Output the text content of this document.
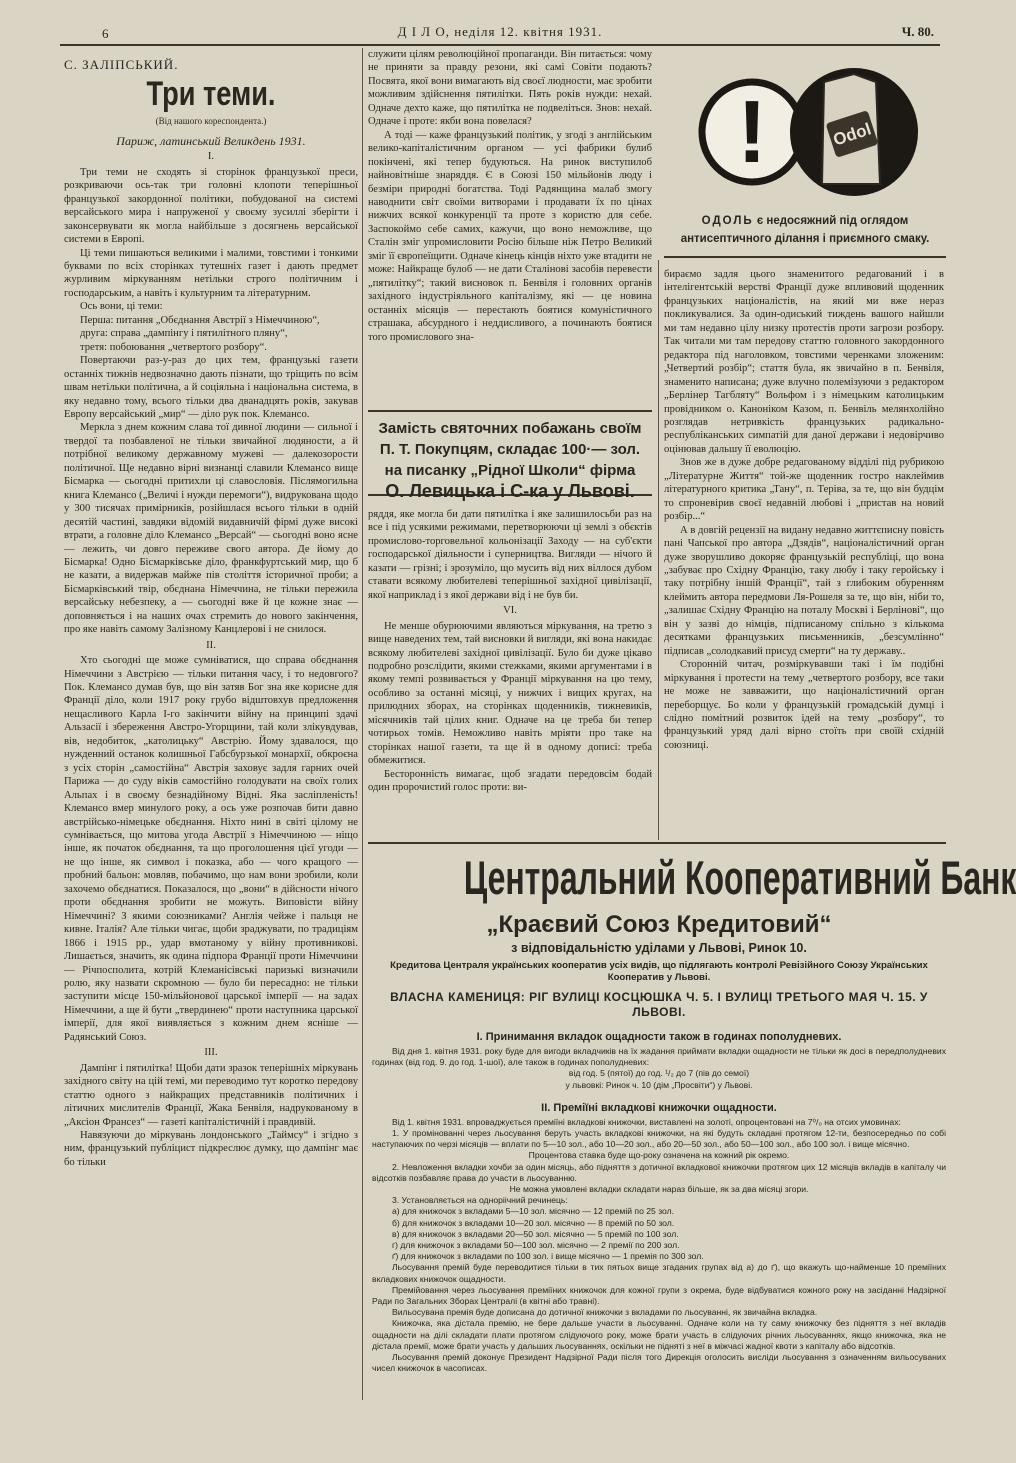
6	Д І Л О, неділя 12. квітня 1931.	Ч. 80.
С. ЗАЛІПСЬКИЙ.
Три теми.
(Від нашого кореспондента.)
Париж, латинський Великдень 1931.

I.

Три теми не сходять зі сторінок французької преси, розкриваючи ось-так три головні клопоти теперішньої французької закордонної політики, побудованої на системі версайського мира і напруженої у своєму зусиллі зберігти і законсервувати як могла найбільше з досягнень версайської системи в Европі.

Ці теми пишаються великими і малими, товстими і тонкими буквами по всіх сторінках тутешніх газет і дають предмет журливим міркуванням нетільки строго політичним і господарським, а навіть і культурним та літературним.

Ось вони, ці теми:

Перша: питання „Обєднання Австрії з Німеччиною“,

друга: справа „дампінгу і пятилітного пляну“,

третя: побоювання „четвертого розбору“.

Повертаючи раз-у-раз до цих тем, французькі газети останніх тижнів недвозначно дають пізнати, що тріщить по всім швам нетільки політична, а й соціяльна і національна система, в яку недавно тому, всього тільки два дванадцять років, закував Европу версайський „мир“ — діло рук пок. Клемансо.

Меркла з днем кожним слава тої дивної людини — сильної і твердої та позбавленої не тільки звичайної людяности, а й потрібної великому державному мужеві — далекозорости політичної. Ще недавно вірні визнанці славили Клемансо вище Бісмарка — сьогодні притихли ці славословія. Післямогильна книга Клемансо („Величі і нужди перемоги“), видрукована щодо у 300 тисячах примірників, розійшлася всього тільки в одній десятій частині, завдяки відомій видавничій фірмі дуже високі втрати, а головне діло Клемансо „Версай“ — сьогодні воно ясне — лежить, чи довго переживе свого автора. Де йому до Бісмарка! Одно Бісмарківське діло, франкфуртський мир, що б не казати, а видержав майже пів століття історичної проби; а Бісмарківський твір, обєднана Німеччина, не тільки пережила версайську небезпеку, а — сьогодні вже й це кожне знає — доповняється і на наших очах стремить до нового закінчення, про яке навіть самому Залізному Канцлерові і не снилося.

II.

Хто сьогодні ще може сумніватися, що справа обєднання Німеччини з Австрією — тільки питання часу, і то недовгого? Пок. Клемансо думав був, що він затяв Бог зна яке корисне для Франції діло, коли 1917 року грубо відштовхув предложення нещасливого Карла I-го закінчити війну на принципі здачі Альзасії і збереження Австро-Угорщини, тай коли злікувдував, вів, недобиток, „католицьку“ Австрію. Йому здавалося, що нужденний останок колишньої Габсбурзької монархії, обкроєна з усіх сторін „самостійна“ Австрія заховує задля гарних очей Парижа — до суду віків самостійно голодувати на своїх голих Альпах і в своєму безнадійному Відні. Яка засліпленість! Клемансо вмер минулого року, а ось уже розпочав бити давно австрійсько-німецьке обєднання. Ніхто нині в світі цілому не сумнівається, що митова угода Австрії з Німеччиною — ніщо інше, як початок обєднання, та що проголошення цієї угоди — не що інше, як символ і показка, або — чого кращого — пробний бальон: мовляв, побачимо, що нам вони зробили, коли захочемо обєднатися. Показалося, що „вони“ в дійсности нічого проти обєднання зробити не можуть. Виповісти війну Німеччині? З якими союзниками? Англія чейже і пальця не кивне. Італія? Але тільки чигає, щоби зраджувати, по традиціям 1866 і 1915 рр., удар вмотаному у війну противникові. Лишається, значить, як одина підпора Франції проти Німеччини — Річпосполита, котрій Клеманісівські паризькі визначили ролю, яку назвати скромною — було би пересадно: не тільки заступити місце 150-мільйонової царської імперії — на задах Німеччини, а ще й бути „твердинею“ проти наступника царської імперії, для якої виявляється з кожним днем ясніше — Радянський Союз.

III.

Дампінг і пятилітка! Щоби дати зразок теперішніх міркувань західного світу на цій темі, ми переводимо тут коротко передову статтю одного з найкращих представників політичних і літичних мислителів Франції, Жака Бенвіля, надрукованому в „Аксіон Франсез“ — газеті капіталістичній і правдивій.

Навязуючи до міркувань лондонського „Таймсу“ і згідно з ним, французький публіцист підкреслює думку, що дампінг має бо тільки

служити цілям революційної пропаганди. Він питається: чому не приняти за правду резони, які самі Совіти подають? Посвята, якої вони вимагають від своєї людности, має зробити можливим здійснення пятилітки. Пять років нужди: нехай. Одначе дехто каже, що пятилітка не подвеліться. Знов: нехай. Одначе і проте: якби вона повелася?

А тоді — каже французький політик, у згоді з англійським велико-капіталістичним органом — усі фабрики булиб покінчені, які тепер будуються. На ринок виступилоб найновітніше знаряддя. Є в Союзі 150 мільйонів люду і безміри природні богатства. Тоді Радянщина малаб змогу наводнити світ своїми витворами і продавати їх по цінах нижчих всякої конкуренції та проте з користю для себе. Заспокоймо себе самих, кажучи, що воно неможливе, що Сталін зміг упромисловити Росію більше ніж Петро Великий зміг її європеїщити. Одначе кінець кінців ніхто уже втадити не може: Найкраще булоб — не дати Сталінові засобів перевести „пятилітку“; такий висновок п. Бенвіля і головних органів західного індустріяльного капіталізму, які — це новина останніх місяців — перестають боятися комуністичного страшака, абсурдного і неддисливого, а починають боятися того промислового зна-

Замість святочних побажань своїм
П. Т. Покупцям, складає 100·— зол.
на писанку „Рідної Школи“ фірма
О. Левицька і С-ка у Львові.

ряддя, яке могла би дати пятилітка і яке залишилосьби раз на все і під усякими режимами, перетворюючи ці землі з обєктів промислово-торговельної кольонізації Заходу — на суб'єкти господарської діяльности і суперництва. Вигляди — нічого й казати — грізні; і зрозуміло, що мусить від них віллося дубом ставати всякому любителеві теперішньої західної цивілізації, якої наприклад і з якої держави від і не був би.

VI.

Не менше обурюючими являються міркування, на третю з вище наведених тем, тай висновки й вигляди, які вона накидає всякому любителеві західної цивілізації. Було би дуже цікаво подробно розслідити, якими стежками, якими аргументами і в якому темпі розвивається у Франції міркування на цю тему, особливо за останні місяці, у нижчих і вищих кругах, на прилюдних зборах, на сторінках щоденників, тижневиків, місячників тай цілих книг. Одначе на це треба би тепер чотирьох томів. Неможливо навіть мріяти про таке на сторінках нашої газети, та ще й в одному дописі: треба обмежитися.

Бесторонність вимагає, щоб згадати передовсім бодай один пророчистий голос проти: ви-

!	Odol
ОДОЛЬ є недосяжний під оглядом
антисептичного ділання і приємного смаку.

бираємо задля цього знаменитого редагований і в інтелігентській верстві Франції дуже впливовий щоденник французьких націоналістів, на який ми вже нераз покликувалися. За один-одиський тиждень вашого найшли ми там недавно цілу низку протестів проти загрози розбору. Так читали ми там передову статтю головного закордонного редактора під наголовком, товстими черенками зложеним: „Четвертий розбір“; стаття була, як звичайно в п. Бенвіля, знаменито написана; дуже влучно полемізуючи з редактором „Берлінер Тагбляту“ Вольфом і з німецьким католицьким провідником о. Каноніком Казом, п. Бенвіль мелянхолійно розглядав нетривкість французьких радикально-республіканських симпатій для даної держави і недовірчиво оцінював дальшу її еволюцію.

Знов же в дуже добре редагованому відділі під рубрикою „Літературне Життя“ той-же щоденник гостро наклеймив літературного критика „Тану“, п. Теріва, за те, що він будцім то спроневірив своєї недавній любові і „пристав на новий розбір...“

А в довгій рецензії на видану недавно життєписну повість пані Чапської про автора „Дзядів“, націоналістичний орган дуже зворушливо докоряє французькій республіці, що вона „забуває про Східну Францію, таку любу і таку геройську і таку потрібну іншій Франції“, тай з глибоким обуренням клеймить автора передмови Ля-Рошеля за те, що він, ніби то, „залишає Східну Францію на поталу Москві і Берлінові“, що він у зазві до німців, підписаному спільно з кількома десятками французьких письменників, „безсумлінно“ підписав „солодкавий присуд смерти“ на ту державу..

Сторонній читач, розміркувавши такі і їм подібні міркування і протести на тему „четвертого розбору, все таки не може не завважити, що націоналістичний орган переборщує. Бо коли у французькій громадській думці і слідно помітний розвиток ідей на тему „розбору“, то французький уряд далі вірно стоїть при своїй східній союзниці.

Центральний Кооперативний Банк
„Краєвий Союз Кредитовий“
з відповідальністю уділами у Львові, Ринок 10.
Кредитова Централя українських кооператив усіх видів, що підлягають контролі Ревізійного Союзу Українських Кооператив у Львові.
ВЛАСНА КАМЕНИЦЯ: РІГ ВУЛИЦІ КОСЦЮШКА Ч. 5. І ВУЛИЦІ ТРЕТЬОГО МАЯ Ч. 15. У ЛЬВОВІ.
I. Принимання вкладок ощадности також в годинах пополудневих.

Від дня 1. квітня 1931. року буде для вигоди вкладчиків на їх жадання приймати вкладки ощадности не тільки як досі в передполудневих годинах (від год. 9. до год. 1-шої), але також в годинах пополудневих:

від год. 5 (пятої) до год. ¹/₂ до 7 (пів до семої)

у львовкі: Ринок ч. 10 (дім „Просвіти“) у Львові.

II. Преміїні вкладкові книжочки ощадности.

Від 1. квітня 1931. впроваджується преміїні вкладкові книжочки, виставлені на золоті, опроцентовані на 7⁰/₀ на отсих умовинах:

1. У промінованні через льосування беруть участь вкладкові книжочки, на які будуть складані протягом 12-ти, безпосередньо по собі наступаючих по черзі місяців — вплати по 5—10 зол., або 10—20 зол., або 20—50 зол., або 50—100 зол., або 100 зол. і вище місячно.

Процентова ставка буде що-року означена на кожний рік окремо.

2. Невложення вкладки хочби за один місяць, або підняття з дотичної вкладкової книжочки протягом цих 12 місяців вкладів в капіталу чи відсотків позбавляє права до участи в льосуванню.

Не можна умовлені вкладки складати нараз більше, як за два місяці згори.

3. Установляється на одноріічний речинець:

а) для книжочок з вкладами 5—10 зол. місячно — 12 премій по 25 зол.

б) для книжочок з вкладами 10—20 зол. місячно — 8 премій по 50 зол.

в) для книжочок з вкладами 20—50 зол. місячно — 5 премій по 100 зол.

г) для книжочок з вкладами 50—100 зол. місячно — 2 премії по 200 зол.

ґ) для книжочок з вкладами по 100 зол. і вище місячно — 1 премія по 300 зол.

Льосування премій буде переводитися тільки в тих пятьох вище згаданих групах від а) до ґ), що вкажуть що-найменше 10 преміїних вкладкових книжочок ощадности.

Премійовання через льосування преміїних книжочок для кожної групи з окрема, буде відбуватися кожного року на засіданні Надзірної Ради по Загальних Зборах Централі (в квітні або травні).

Вильосувана премія буде дописана до дотичної книжочки з вкладами по льосуванні, як звичайна вкладка.

Книжочка, яка дістала премію, не бере дальше участи в льосуванні. Одначе коли на ту саму книжочку без підняття з неї вкладів ощадности на ділі складати плати протягом слідуючого року, може брати участь в слідуючих річних льосуваннях, якщо книжочка, яка не дістала премії, може брати участь у дальших льосуваннях, оскільки не підняті з неї в міжчасі жадної квоти з капіталу або відсотків.

Льосування премій доконує Президент Надзірної Ради після того Дирекція оголосить висліди льосування з означенням вильосуваних чисел книжочок в часописах.
